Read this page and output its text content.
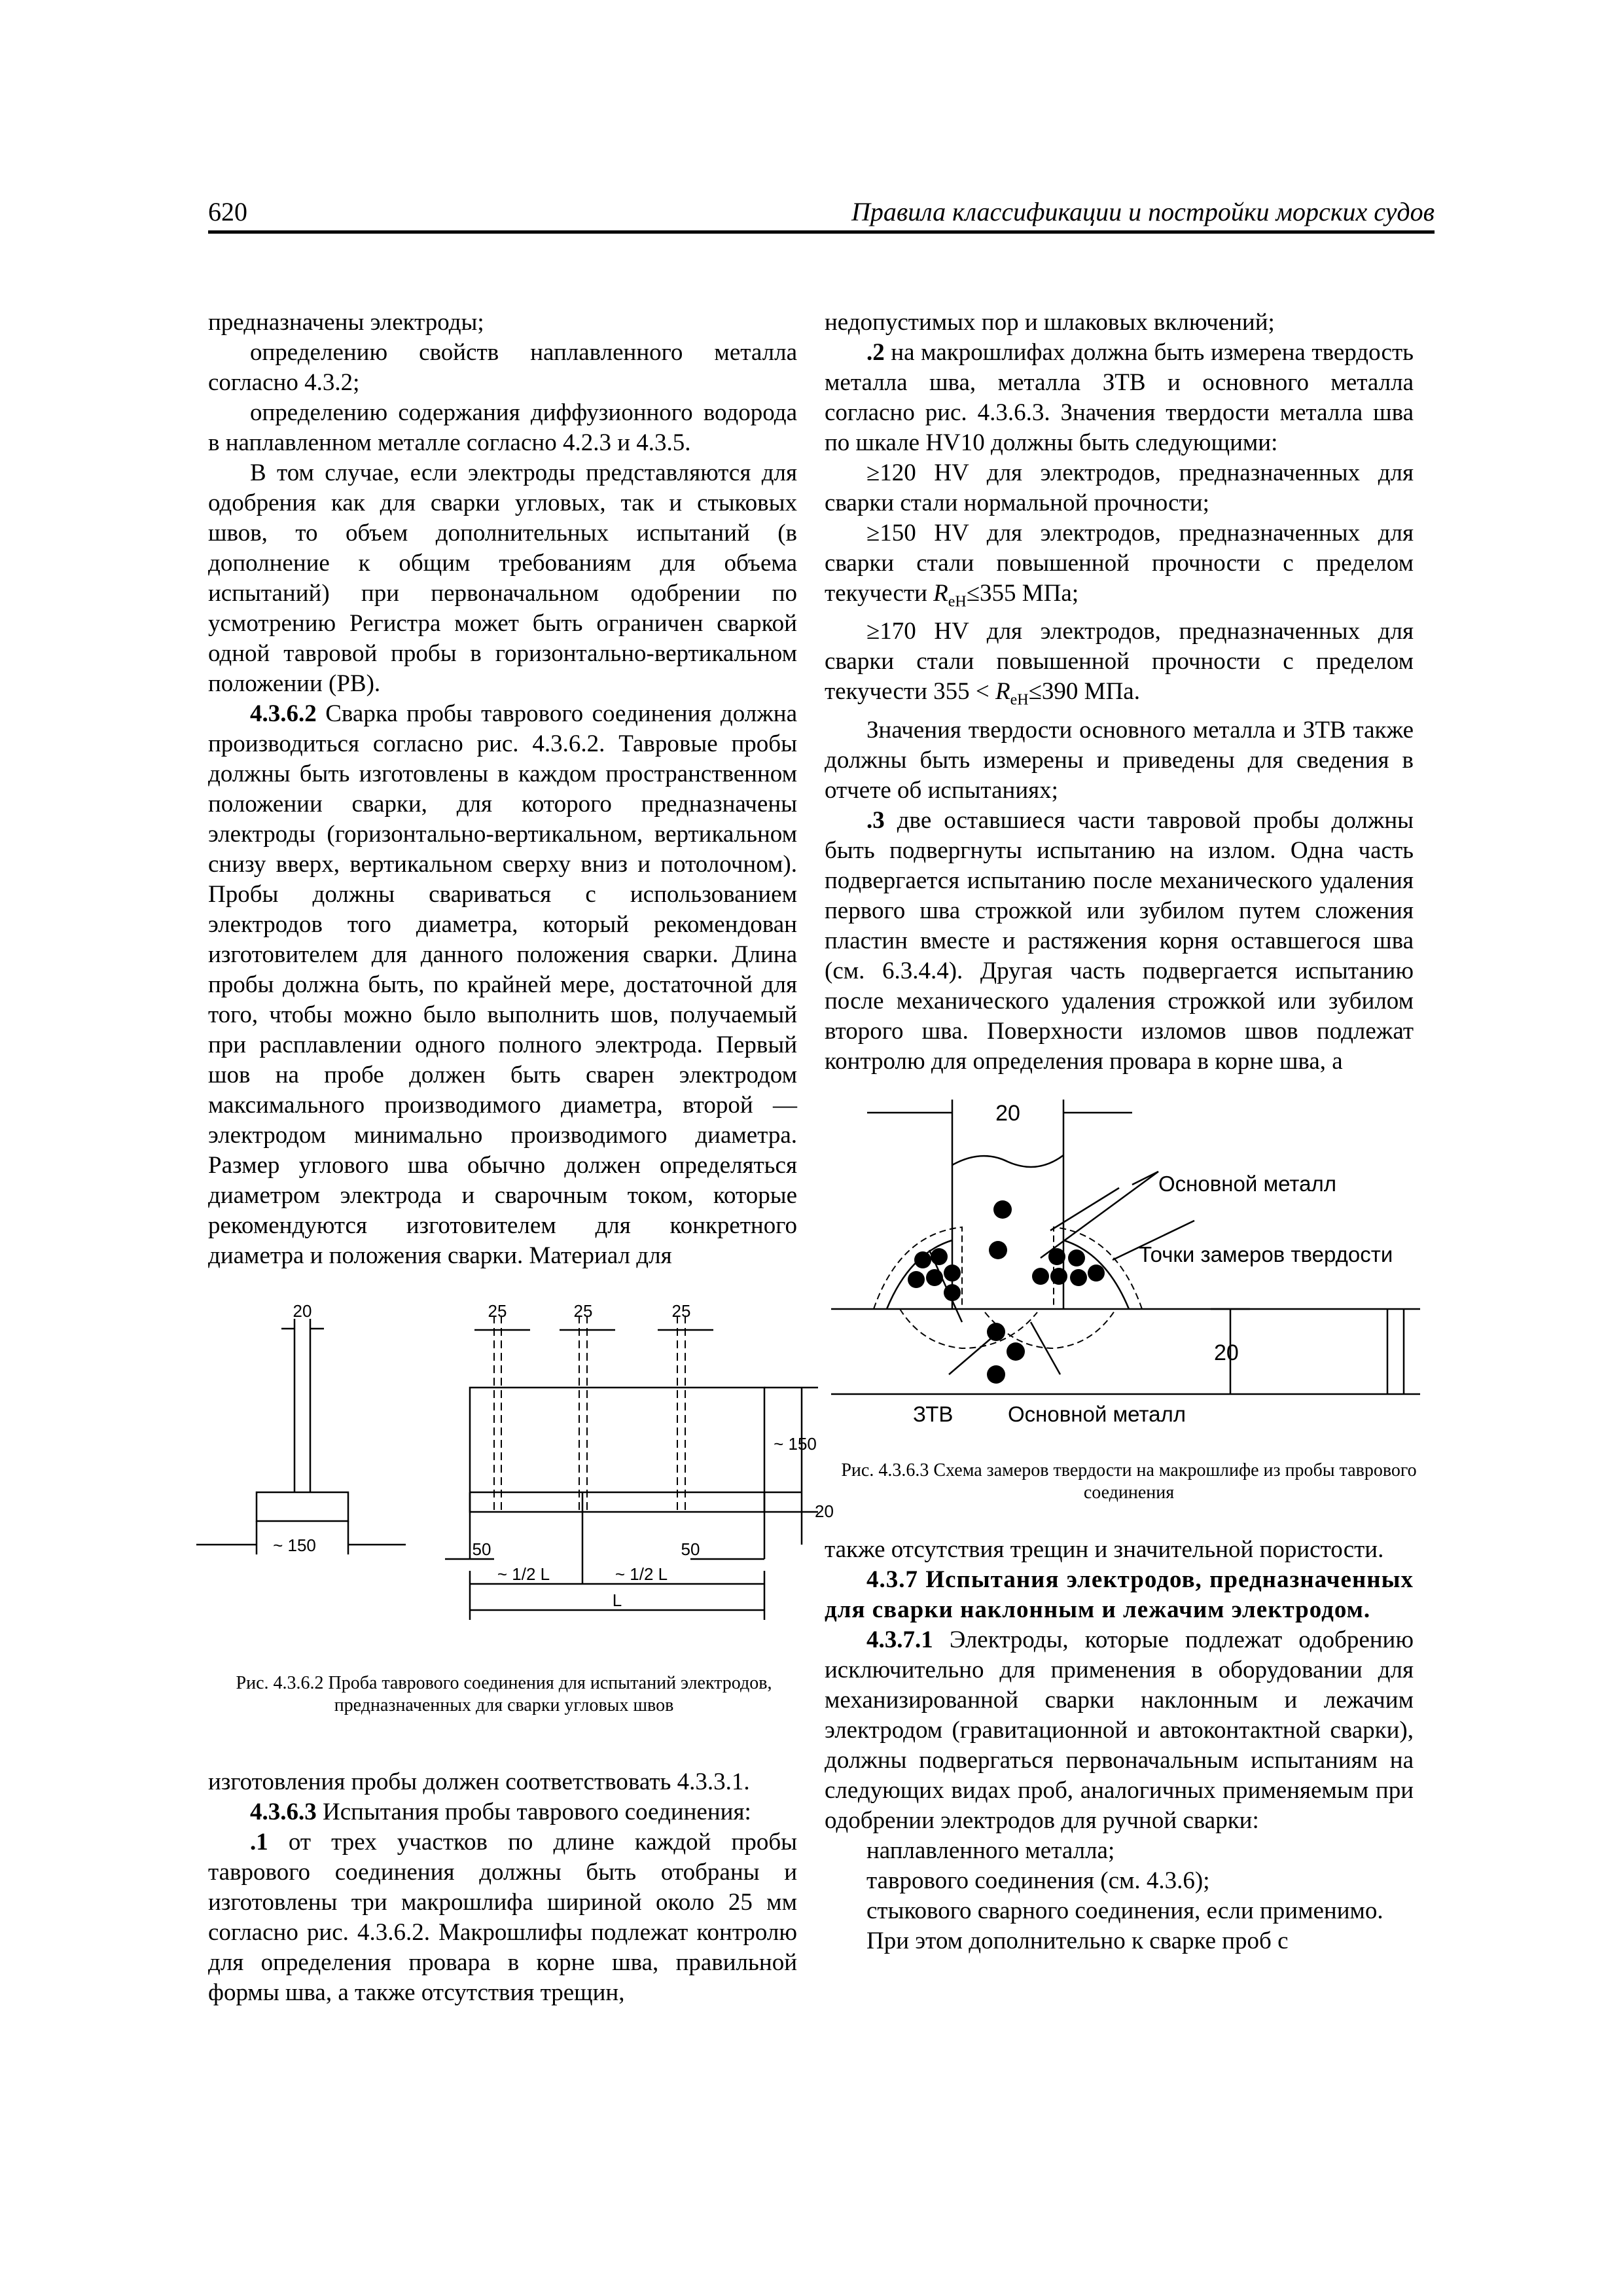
620	Правила классификации и постройки морских судов

предназначены электроды;

определению свойств наплавленного металла согласно 4.3.2;

определению содержания диффузионного водорода в наплавленном металле согласно 4.2.3 и 4.3.5.

В том случае, если электроды представляются для одобрения как для сварки угловых, так и стыковых швов, то объем дополнительных испытаний (в дополнение к общим требованиям для объема испытаний) при первоначальном одобрении по усмотрению Регистра может быть ограничен сваркой одной тавровой пробы в горизонтально-вертикальном положении (PB).

4.3.6.2 Сварка пробы таврового соединения должна производиться согласно рис. 4.3.6.2. Тавровые пробы должны быть изготовлены в каждом пространственном положении сварки, для которого предназначены электроды (горизонтально-вертикальном, вертикальном снизу вверх, вертикальном сверху вниз и потолочном). Пробы должны свариваться с использованием электродов того диаметра, который рекомендован изготовителем для данного положения сварки. Длина пробы должна быть, по крайней мере, достаточной для того, чтобы можно было выполнить шов, получаемый при расплавлении одного полного электрода. Первый шов на пробе должен быть сварен электродом максимального производимого диаметра, второй — электродом минимально производимого диаметра. Размер углового шва обычно должен определяться диаметром электрода и сварочным током, которые рекомендуются изготовителем для конкретного диаметра и положения сварки. Материал для

20
~ 150
25	25	25
~ 150
20
50	50
~ 1/2 L	~ 1/2 L
L
Рис. 4.3.6.2 Проба таврового соединения для испытаний электродов, предназначенных для сварки угловых швов

изготовления пробы должен соответствовать 4.3.3.1.

4.3.6.3 Испытания пробы таврового соединения:

.1 от трех участков по длине каждой пробы таврового соединения должны быть отобраны и изготовлены три макрошлифа шириной около 25 мм согласно рис. 4.3.6.2. Макрошлифы подлежат контролю для определения провара в корне шва, правильной формы шва, а также отсутствия трещин,

недопустимых пор и шлаковых включений;

.2 на макрошлифах должна быть измерена твердость металла шва, металла ЗТВ и основного металла согласно рис. 4.3.6.3. Значения твердости металла шва по шкале HV10 должны быть следующими:

≥120 HV для электродов, предназначенных для сварки стали нормальной прочности;

≥150 HV для электродов, предназначенных для сварки стали повышенной прочности с пределом текучести $R_{eH}\le 355$ МПа;

≥170 HV для электродов, предназначенных для сварки стали повышенной прочности с пределом текучести $355 < R_{eH}\le 390$ МПа.

Значения твердости основного металла и ЗТВ также должны быть измерены и приведены для сведения в отчете об испытаниях;

.3 две оставшиеся части тавровой пробы должны быть подвергнуты испытанию на излом. Одна часть подвергается испытанию после механического удаления первого шва строжкой или зубилом путем сложения пластин вместе и растяжения корня оставшегося шва (см. 6.3.4.4). Другая часть подвергается испытанию после механического удаления строжкой или зубилом второго шва. Поверхности изломов швов подлежат контролю для определения провара в корне шва, а

20
Основной металл
Точки замеров твердости
20
ЗТВ	Основной металл
Рис. 4.3.6.3 Схема замеров твердости на макрошлифе из пробы таврового соединения

также отсутствия трещин и значительной пористости.

4.3.7 Испытания электродов, предназначенных для сварки наклонным и лежачим электродом.

4.3.7.1 Электроды, которые подлежат одобрению исключительно для применения в оборудовании для механизированной сварки наклонным и лежачим электродом (гравитационной и автоконтактной сварки), должны подвергаться первоначальным испытаниям на следующих видах проб, аналогичных применяемым при одобрении электродов для ручной сварки:

наплавленного металла;

таврового соединения (см. 4.3.6);

стыкового сварного соединения, если применимо.

При этом дополнительно к сварке проб с
